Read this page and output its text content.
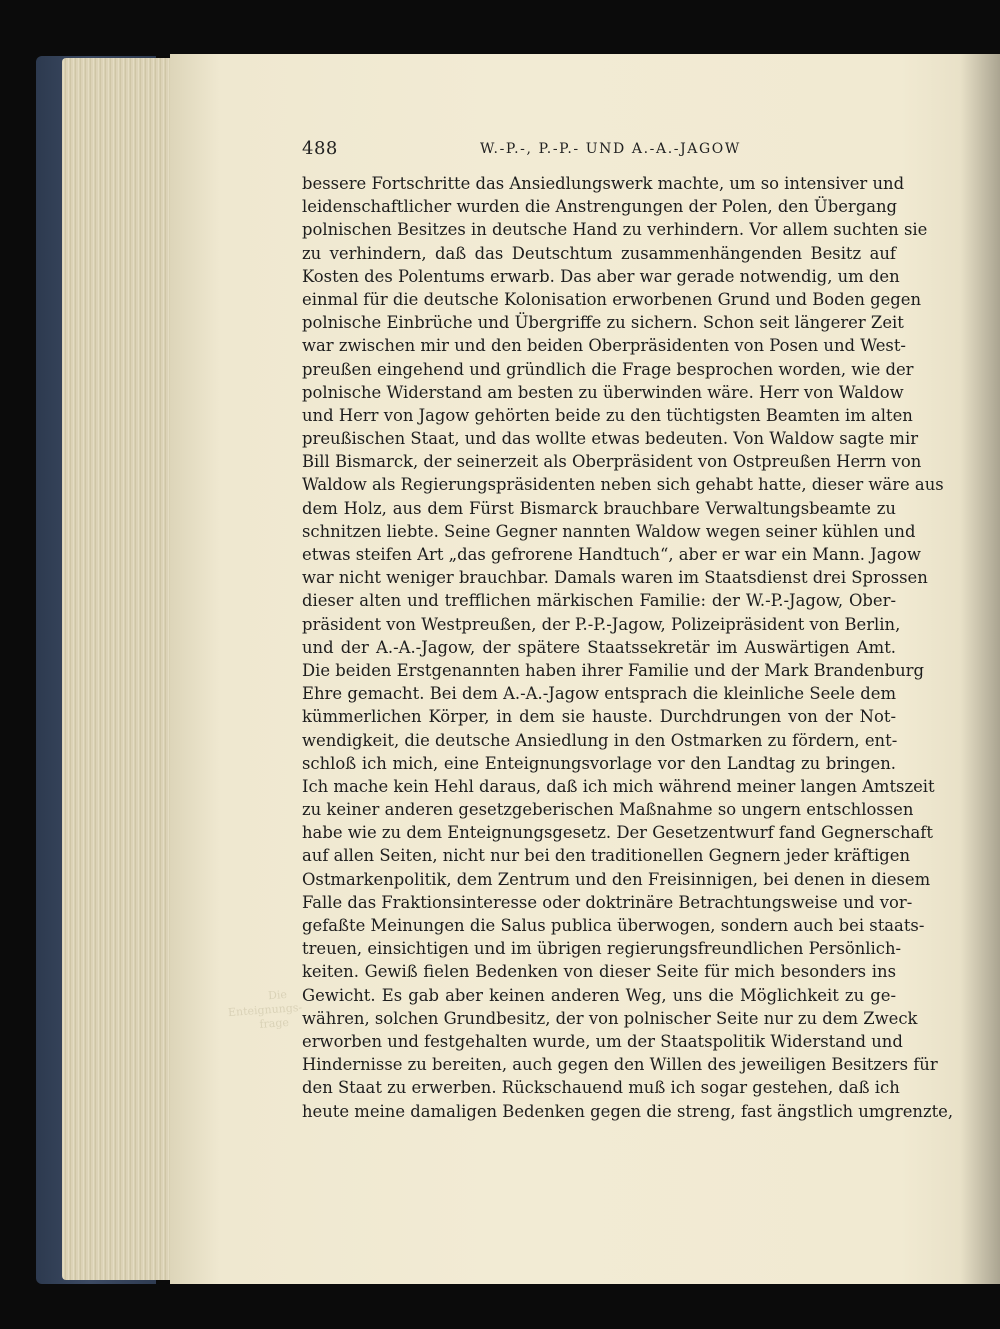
488	W.-P.-, P.-P.- UND A.-A.-JAGOW
Die
Enteignungs-
frage
bessere Fortschritte das Ansiedlungswerk machte, um so intensiver und
leidenschaftlicher wurden die Anstrengungen der Polen, den Übergang
polnischen Besitzes in deutsche Hand zu verhindern. Vor allem suchten sie
zu verhindern, daß das Deutschtum zusammenhängenden Besitz auf
Kosten des Polentums erwarb. Das aber war gerade notwendig, um den
einmal für die deutsche Kolonisation erworbenen Grund und Boden gegen
polnische Einbrüche und Übergriffe zu sichern. Schon seit längerer Zeit
war zwischen mir und den beiden Oberpräsidenten von Posen und West-
preußen eingehend und gründlich die Frage besprochen worden, wie der
polnische Widerstand am besten zu überwinden wäre. Herr von Waldow
und Herr von Jagow gehörten beide zu den tüchtigsten Beamten im alten
preußischen Staat, und das wollte etwas bedeuten. Von Waldow sagte mir
Bill Bismarck, der seinerzeit als Oberpräsident von Ostpreußen Herrn von
Waldow als Regierungspräsidenten neben sich gehabt hatte, dieser wäre aus
dem Holz, aus dem Fürst Bismarck brauchbare Verwaltungsbeamte zu
schnitzen liebte. Seine Gegner nannten Waldow wegen seiner kühlen und
etwas steifen Art „das gefrorene Handtuch“, aber er war ein Mann. Jagow
war nicht weniger brauchbar. Damals waren im Staatsdienst drei Sprossen
dieser alten und trefflichen märkischen Familie: der W.-P.-Jagow, Ober-
präsident von Westpreußen, der P.-P.-Jagow, Polizeipräsident von Berlin,
und der A.-A.-Jagow, der spätere Staatssekretär im Auswärtigen Amt.
Die beiden Erstgenannten haben ihrer Familie und der Mark Brandenburg
Ehre gemacht. Bei dem A.-A.-Jagow entsprach die kleinliche Seele dem
kümmerlichen Körper, in dem sie hauste. Durchdrungen von der Not-
wendigkeit, die deutsche Ansiedlung in den Ostmarken zu fördern, ent-
schloß ich mich, eine Enteignungsvorlage vor den Landtag zu bringen.
Ich mache kein Hehl daraus, daß ich mich während meiner langen Amtszeit
zu keiner anderen gesetzgeberischen Maßnahme so ungern entschlossen
habe wie zu dem Enteignungsgesetz. Der Gesetzentwurf fand Gegnerschaft
auf allen Seiten, nicht nur bei den traditionellen Gegnern jeder kräftigen
Ostmarkenpolitik, dem Zentrum und den Freisinnigen, bei denen in diesem
Falle das Fraktionsinteresse oder doktrinäre Betrachtungsweise und vor-
gefaßte Meinungen die Salus publica überwogen, sondern auch bei staats-
treuen, einsichtigen und im übrigen regierungsfreundlichen Persönlich-
keiten. Gewiß fielen Bedenken von dieser Seite für mich besonders ins
Gewicht. Es gab aber keinen anderen Weg, uns die Möglichkeit zu ge-
währen, solchen Grundbesitz, der von polnischer Seite nur zu dem Zweck
erworben und festgehalten wurde, um der Staatspolitik Widerstand und
Hindernisse zu bereiten, auch gegen den Willen des jeweiligen Besitzers für
den Staat zu erwerben. Rückschauend muß ich sogar gestehen, daß ich
heute meine damaligen Bedenken gegen die streng, fast ängstlich umgrenzte,
